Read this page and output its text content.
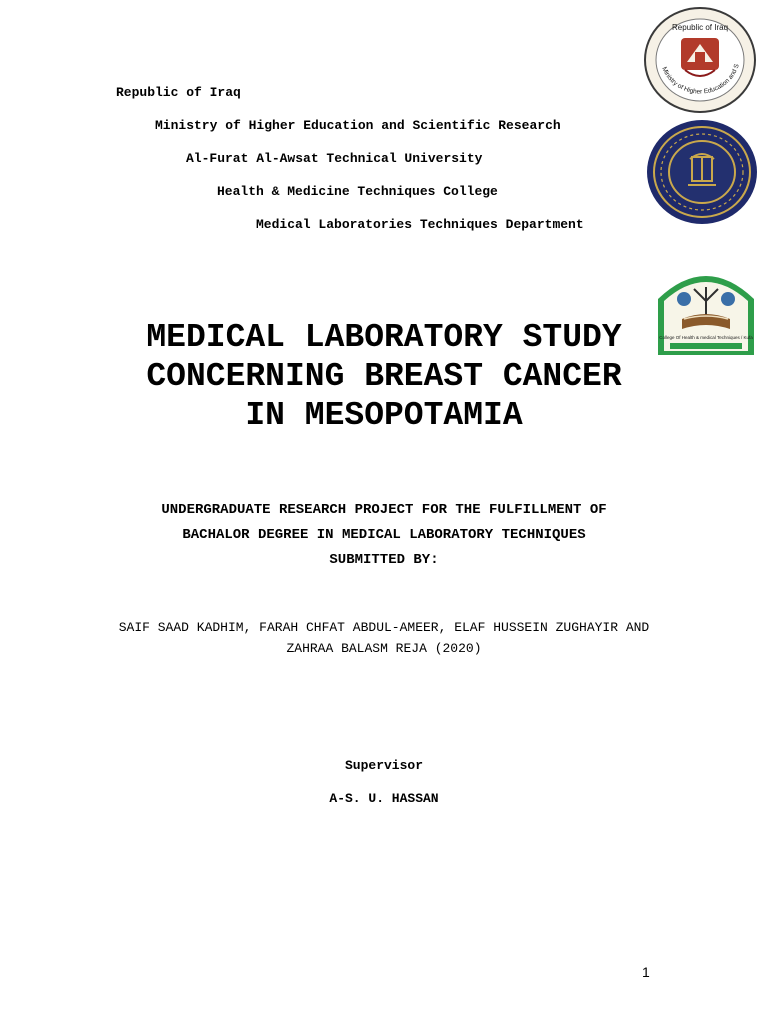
Republic of Iraq
Ministry of Higher Education and Scientific Research
Al-Furat Al-Awsat Technical University
Health & Medicine Techniques College
Medical Laboratories Techniques Department
Ministry of Higher Education and S
Republic of Iraq
College Of Health & medical Techniques / Kufa
MEDICAL LABORATORY STUDY
CONCERNING BREAST CANCER
IN MESOPOTAMIA
UNDERGRADUATE RESEARCH PROJECT FOR THE FULFILLMENT OF
BACHALOR DEGREE IN MEDICAL LABORATORY TECHNIQUES
SUBMITTED BY:
SAIF SAAD KADHIM, FARAH CHFAT ABDUL-AMEER, ELAF HUSSEIN ZUGHAYIR AND
ZAHRAA BALASM REJA (2020)
Supervisor
A-S. U. HASSAN
1
